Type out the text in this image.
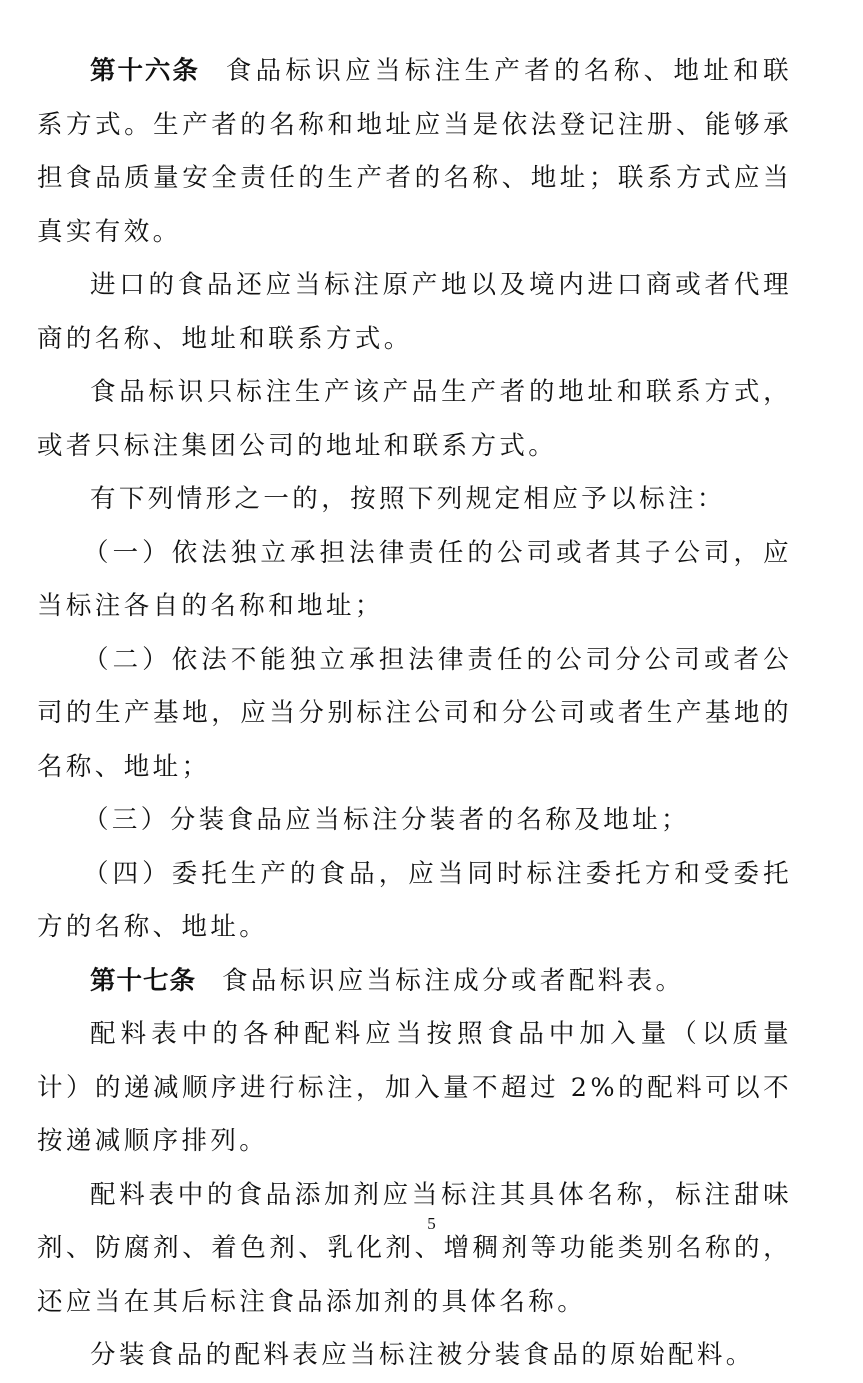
第十六条 食品标识应当标注生产者的名称、地址和联系方式。生产者的名称和地址应当是依法登记注册、能够承担食品质量安全责任的生产者的名称、地址；联系方式应当真实有效。

进口的食品还应当标注原产地以及境内进口商或者代理商的名称、地址和联系方式。

食品标识只标注生产该产品生产者的地址和联系方式，或者只标注集团公司的地址和联系方式。

有下列情形之一的，按照下列规定相应予以标注：

（一）依法独立承担法律责任的公司或者其子公司，应当标注各自的名称和地址；

（二）依法不能独立承担法律责任的公司分公司或者公司的生产基地，应当分别标注公司和分公司或者生产基地的名称、地址；

（三）分装食品应当标注分装者的名称及地址；

（四）委托生产的食品，应当同时标注委托方和受委托方的名称、地址。

第十七条 食品标识应当标注成分或者配料表。

配料表中的各种配料应当按照食品中加入量（以质量计）的递减顺序进行标注，加入量不超过 2%的配料可以不按递减顺序排列。

配料表中的食品添加剂应当标注其具体名称，标注甜味剂、防腐剂、着色剂、乳化剂、增稠剂等功能类别名称的，还应当在其后标注食品添加剂的具体名称。

分装食品的配料表应当标注被分装食品的原始配料。

5
